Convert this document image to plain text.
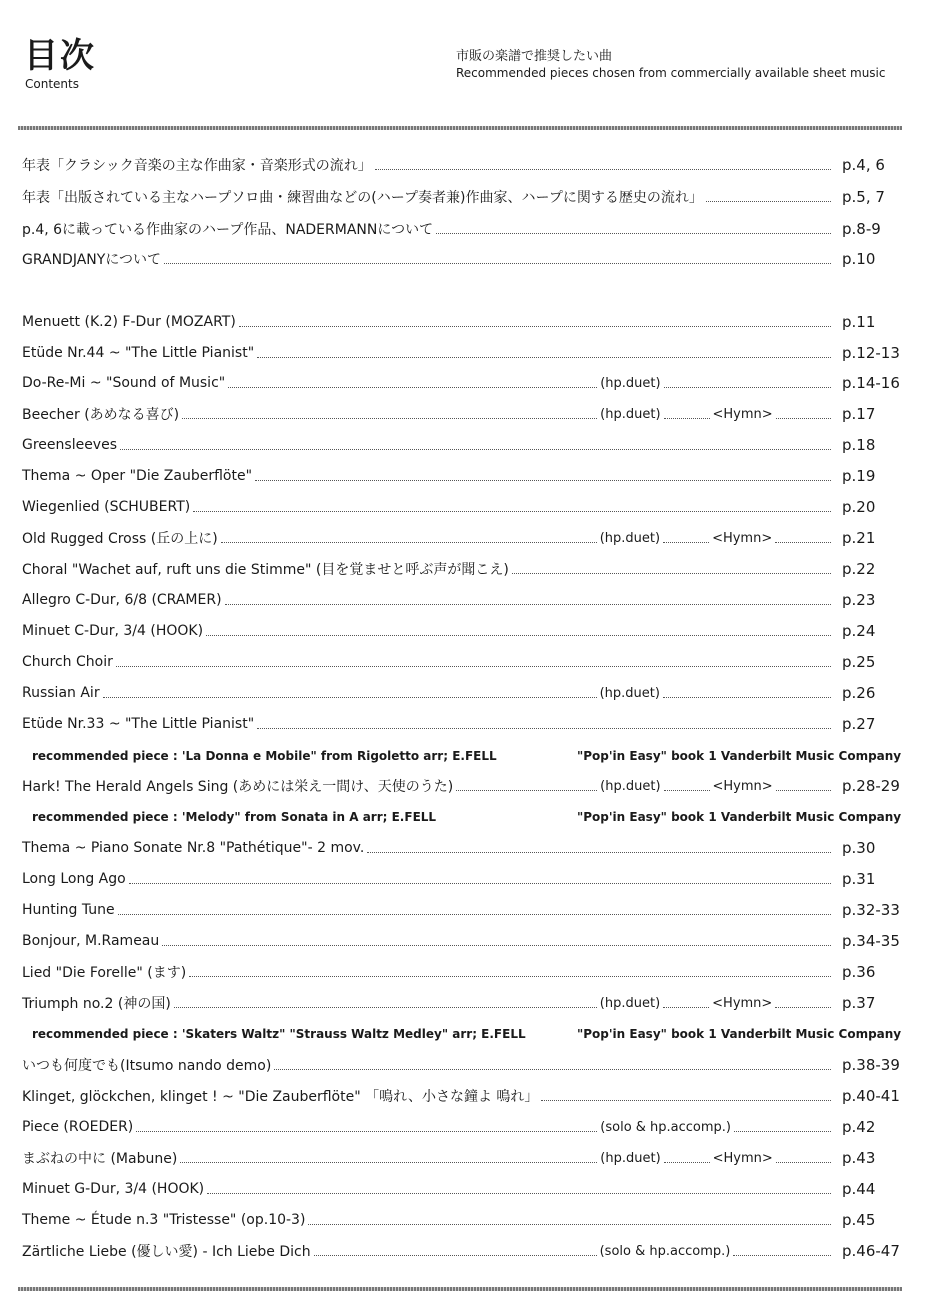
目次
Contents
市販の楽譜で推奨したい曲
Recommended pieces chosen from commercially available sheet music
年表「クラシック音楽の主な作曲家・音楽形式の流れ」	p.4, 6
年表「出版されている主なハープソロ曲・練習曲などの(ハープ奏者兼)作曲家、ハープに関する歴史の流れ」	p.5, 7
p.4, 6に載っている作曲家のハープ作品、NADERMANNについて	p.8-9
GRANDJANYについて	p.10
Menuett (K.2) F-Dur (MOZART)	p.11
Etüde Nr.44 ~ "The Little Pianist"	p.12-13
Do-Re-Mi ~ "Sound of Music"	(hp.duet)	p.14-16
Beecher (あめなる喜び)	(hp.duet)	<Hymn>	p.17
Greensleeves	p.18
Thema ~ Oper "Die Zauberflöte"	p.19
Wiegenlied (SCHUBERT)	p.20
Old Rugged Cross (丘の上に)	(hp.duet)	<Hymn>	p.21
Choral "Wachet auf, ruft uns die Stimme" (目を覚ませと呼ぶ声が聞こえ)	p.22
Allegro C-Dur, 6/8 (CRAMER)	p.23
Minuet C-Dur, 3/4 (HOOK)	p.24
Church Choir	p.25
Russian Air	(hp.duet)	p.26
Etüde Nr.33 ~ "The Little Pianist"	p.27
Hark! The Herald Angels Sing (あめには栄え一間け、天使のうた)	(hp.duet)	<Hymn>	p.28-29
Thema ~ Piano Sonate Nr.8 "Pathétique"- 2 mov.	p.30
Long Long Ago	p.31
Hunting Tune	p.32-33
Bonjour, M.Rameau	p.34-35
Lied "Die Forelle" (ます)	p.36
Triumph no.2 (神の国)	(hp.duet)	<Hymn>	p.37
いつも何度でも(Itsumo nando demo)	p.38-39
Klinget, glöckchen, klinget ! ~ "Die Zauberflöte" 「鳴れ、小さな鐘よ 鳴れ」	p.40-41
Piece (ROEDER)	(solo & hp.accomp.)	p.42
まぶねの中に (Mabune)	(hp.duet)	<Hymn>	p.43
Minuet G-Dur, 3/4 (HOOK)	p.44
Theme ~ Étude n.3 "Tristesse" (op.10-3)	p.45
Zärtliche Liebe (優しい愛) - Ich Liebe Dich	(solo & hp.accomp.)	p.46-47
recommended piece : 'La Donna e Mobile" from Rigoletto arr; E.FELL	"Pop'in Easy" book 1 Vanderbilt Music Company
recommended piece : 'Melody" from Sonata in A arr; E.FELL	"Pop'in Easy" book 1 Vanderbilt Music Company
recommended piece : 'Skaters Waltz" "Strauss Waltz Medley" arr; E.FELL	"Pop'in Easy" book 1 Vanderbilt Music Company
